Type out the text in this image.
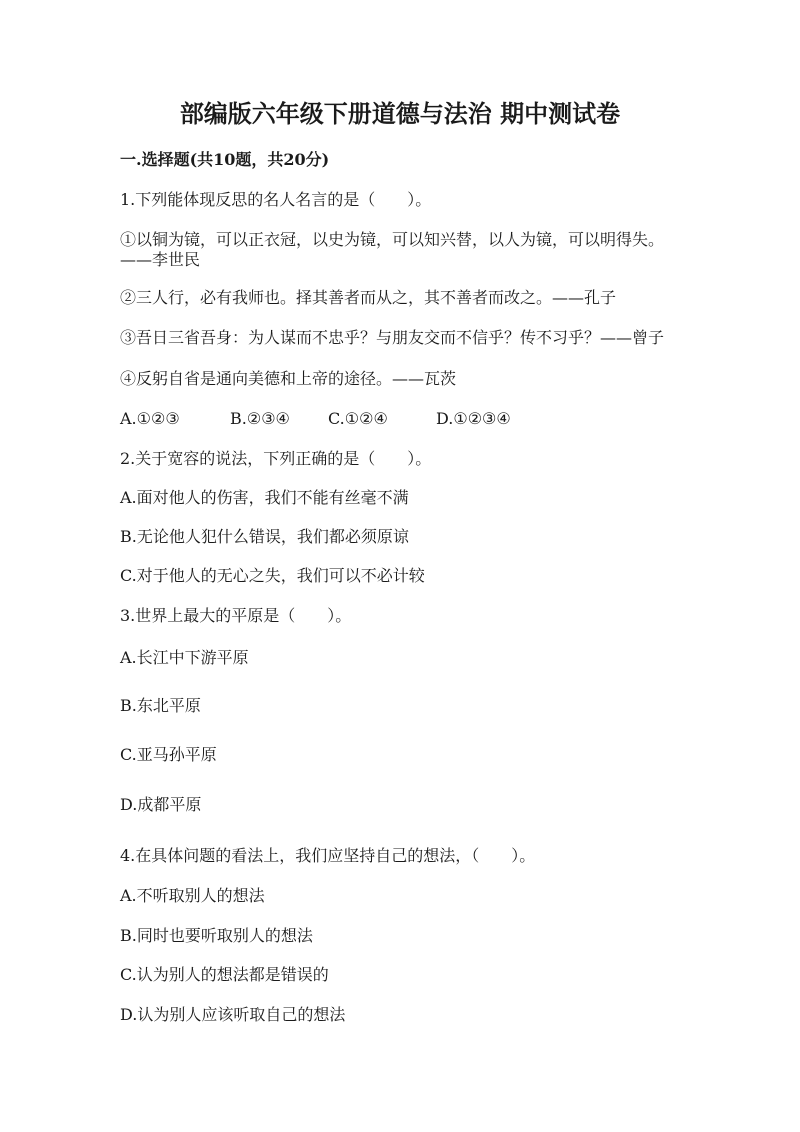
部编版六年级下册道德与法治 期中测试卷
一.选择题(共10题，共20分)
1.下列能体现反思的名人名言的是（　　）。
①以铜为镜，可以正衣冠，以史为镜，可以知兴替，以人为镜，可以明得失。
——李世民
②三人行，必有我师也。择其善者而从之，其不善者而改之。——孔子
③吾日三省吾身：为人谋而不忠乎？与朋友交而不信乎？传不习乎？——曾子
④反躬自省是通向美德和上帝的途径。——瓦茨
A.①②③	B.②③④ C.①②④	D.①②③④
2.关于宽容的说法，下列正确的是（　　）。
A.面对他人的伤害，我们不能有丝毫不满
B.无论他人犯什么错误，我们都必须原谅
C.对于他人的无心之失，我们可以不必计较
3.世界上最大的平原是（　　）。
A.长江中下游平原
B.东北平原
C.亚马孙平原
D.成都平原
4.在具体问题的看法上，我们应坚持自己的想法，（　　）。
A.不听取别人的想法
B.同时也要听取别人的想法
C.认为别人的想法都是错误的
D.认为别人应该听取自己的想法
